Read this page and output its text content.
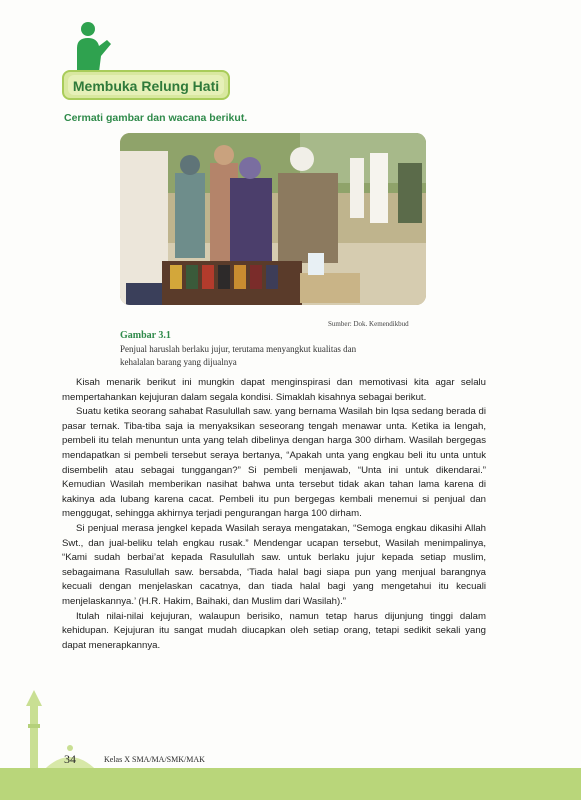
Membuka Relung Hati
Cermati gambar dan wacana berikut.
Sumber: Dok. Kemendikbud
Gambar 3.1
Penjual haruslah berlaku jujur, terutama menyangkut kualitas dan
kehalalan barang yang dijualnya

Kisah menarik berikut ini mungkin dapat menginspirasi dan memotivasi kita agar selalu mempertahankan kejujuran dalam segala kondisi. Simaklah kisahnya sebagai berikut.

Suatu ketika seorang sahabat Rasulullah saw. yang bernama Wasilah bin Iqsa sedang berada di pasar ternak. Tiba-tiba saja ia menyaksikan seseorang tengah menawar unta. Ketika ia lengah, pembeli itu telah menuntun unta yang telah dibelinya dengan harga 300 dirham. Wasilah bergegas mendapatkan si pembeli tersebut seraya bertanya, “Apakah unta yang engkau beli itu unta untuk disembelih atau sebagai tunggangan?” Si pembeli menjawab, “Unta ini untuk dikendarai.” Kemudian Wasilah memberikan nasihat bahwa unta tersebut tidak akan tahan lama karena di kakinya ada lubang karena cacat. Pembeli itu pun bergegas kembali menemui si penjual dan menggugat, sehingga akhirnya terjadi pengurangan harga 100 dirham.

Si penjual merasa jengkel kepada Wasilah seraya mengatakan, “Semoga engkau dikasihi Allah Swt., dan jual-beliku telah engkau rusak.” Mendengar ucapan tersebut, Wasilah menimpalinya, “Kami sudah berbai’at kepada Rasulullah saw. untuk berlaku jujur kepada setiap muslim, sebagaimana Rasulullah saw. bersabda, ‘Tiada halal bagi siapa pun yang menjual barangnya kecuali dengan menjelaskan cacatnya, dan tiada halal bagi yang mengetahui itu kecuali menjelaskannya.’ (H.R. Hakim, Baihaki, dan Muslim dari Wasilah).”

Itulah nilai-nilai kejujuran, walaupun berisiko, namun tetap harus dijunjung tinggi dalam kehidupan. Kejujuran itu sangat mudah diucapkan oleh setiap orang, tetapi sedikit sekali yang dapat menerapkannya.

34	Kelas X SMA/MA/SMK/MAK
